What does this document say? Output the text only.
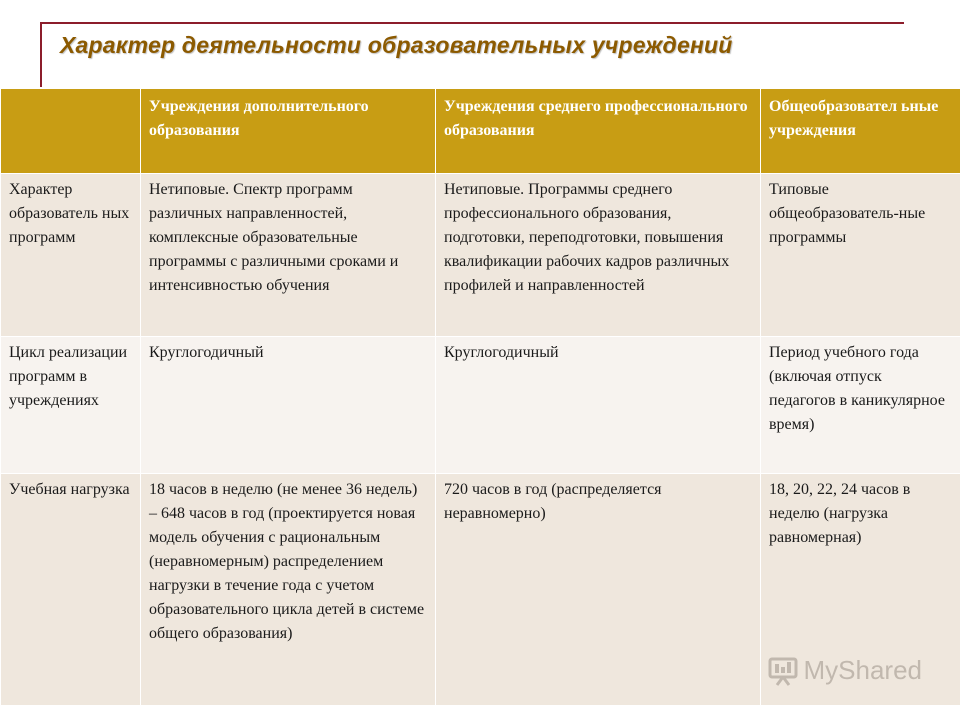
Характер деятельности образовательных учреждений
	Учреждения дополнительного образования	Учреждения среднего профессионального образования	Общеобразовател ьные учреждения
Характер образователь ных программ	Нетиповые. Спектр программ различных направленностей, комплексные образовательные программы с различными сроками и интенсивностью обучения	Нетиповые. Программы среднего профессионального образования, подготовки, переподготовки, повышения квалификации рабочих кадров различных профилей и направленностей	Типовые общеобразователь-ные программы
Цикл реализации программ в учреждениях	Круглогодичный	Круглогодичный	Период учебного года (включая отпуск педагогов в каникулярное время)
Учебная нагрузка	18 часов в неделю (не менее 36 недель) – 648 часов в год (проектируется новая модель обучения с рациональным (неравномерным) распределением нагрузки в течение года с учетом образовательного цикла детей в системе общего образования)	720 часов в год (распределяется неравномерно)	18, 20, 22, 24 часов в неделю (нагрузка равномерная)
MyShared
